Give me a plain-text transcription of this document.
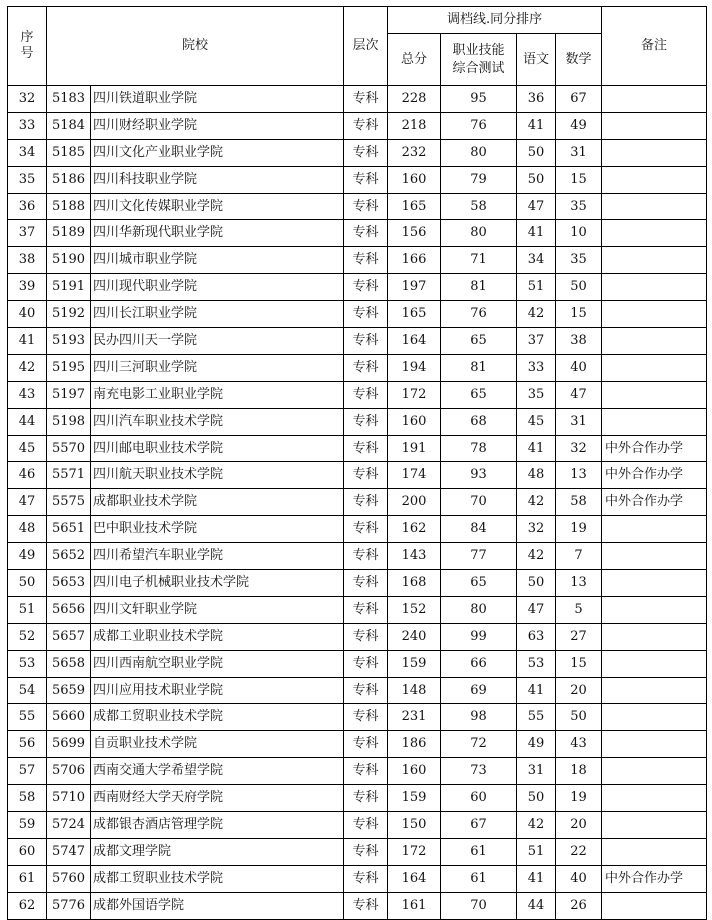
序号	院校		层次	调档线.同分排序				备注
				总分	职业技能综合测试	语文	数学	
32	5183	四川铁道职业学院	专科	228	95	36	67	
33	5184	四川财经职业学院	专科	218	76	41	49	
34	5185	四川文化产业职业学院	专科	232	80	50	31	
35	5186	四川科技职业学院	专科	160	79	50	15	
36	5188	四川文化传媒职业学院	专科	165	58	47	35	
37	5189	四川华新现代职业学院	专科	156	80	41	10	
38	5190	四川城市职业学院	专科	166	71	34	35	
39	5191	四川现代职业学院	专科	197	81	51	50	
40	5192	四川长江职业学院	专科	165	76	42	15	
41	5193	民办四川天一学院	专科	164	65	37	38	
42	5195	四川三河职业学院	专科	194	81	33	40	
43	5197	南充电影工业职业学院	专科	172	65	35	47	
44	5198	四川汽车职业技术学院	专科	160	68	45	31	
45	5570	四川邮电职业技术学院	专科	191	78	41	32	中外合作办学
46	5571	四川航天职业技术学院	专科	174	93	48	13	中外合作办学
47	5575	成都职业技术学院	专科	200	70	42	58	中外合作办学
48	5651	巴中职业技术学院	专科	162	84	32	19	
49	5652	四川希望汽车职业学院	专科	143	77	42	7	
50	5653	四川电子机械职业技术学院	专科	168	65	50	13	
51	5656	四川文轩职业学院	专科	152	80	47	5	
52	5657	成都工业职业技术学院	专科	240	99	63	27	
53	5658	四川西南航空职业学院	专科	159	66	53	15	
54	5659	四川应用技术职业学院	专科	148	69	41	20	
55	5660	成都工贸职业技术学院	专科	231	98	55	50	
56	5699	自贡职业技术学院	专科	186	72	49	43	
57	5706	西南交通大学希望学院	专科	160	73	31	18	
58	5710	西南财经大学天府学院	专科	159	60	50	19	
59	5724	成都银杏酒店管理学院	专科	150	67	42	20	
60	5747	成都文理学院	专科	172	61	51	22	
61	5760	成都工贸职业技术学院	专科	164	61	41	40	中外合作办学
62	5776	成都外国语学院	专科	161	70	44	26	
